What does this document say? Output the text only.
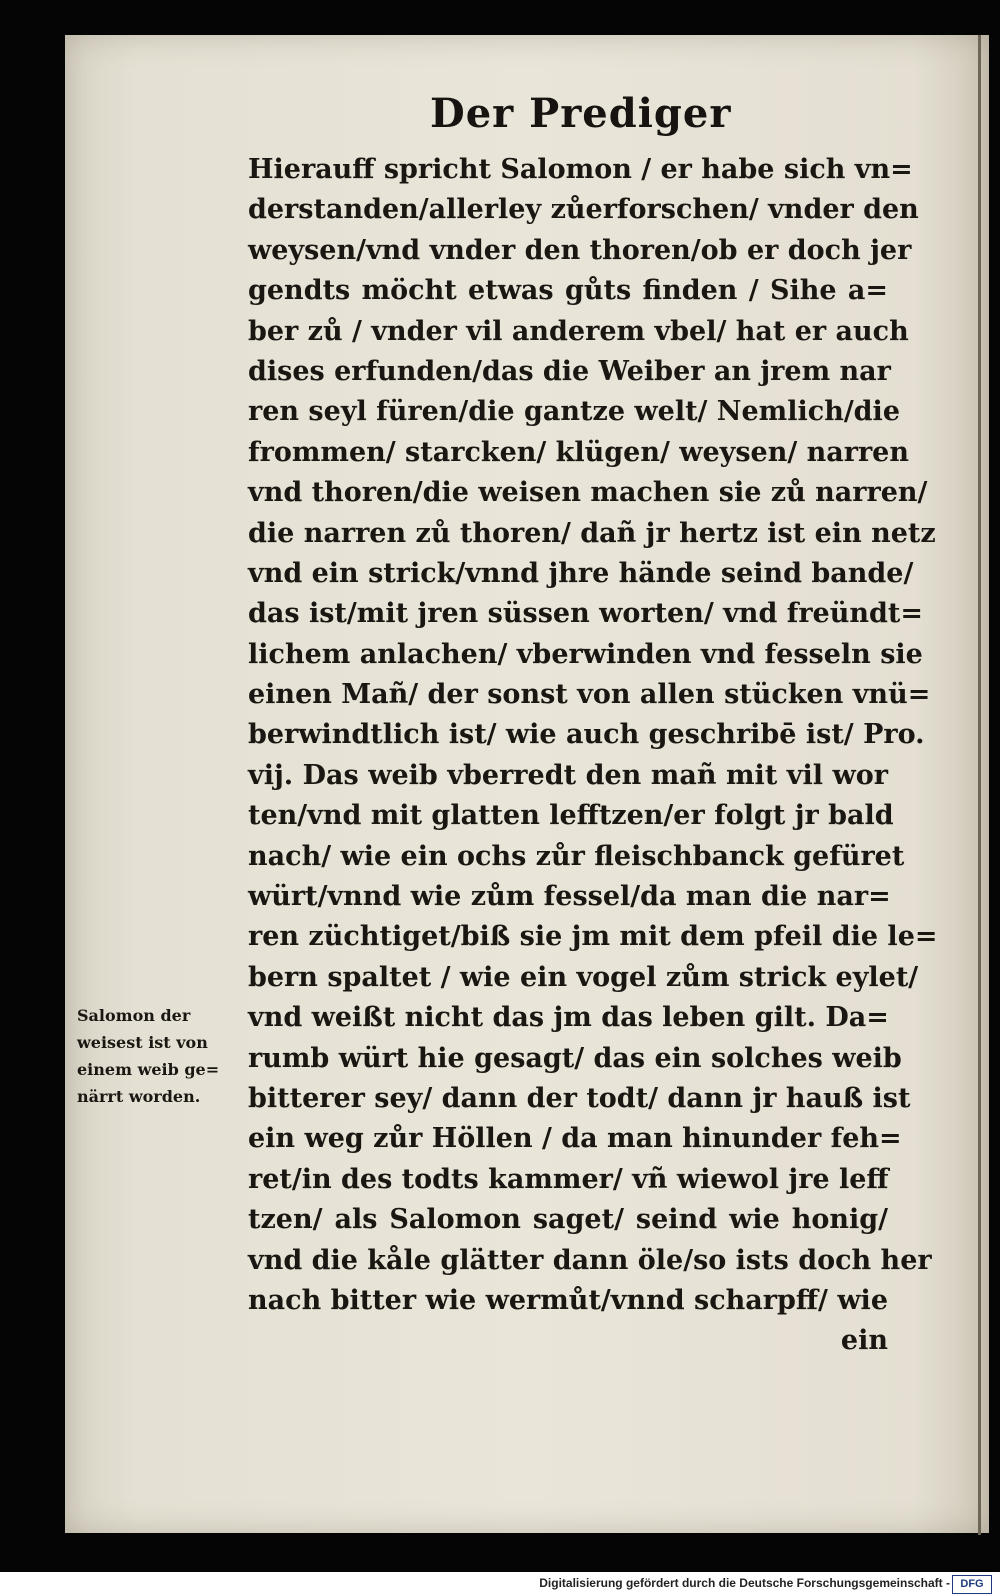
Der Prediger
Hierauff spricht Salomon / er habe sich vn=
derstanden/allerley zůerforschen/ vnder den
weysen/vnd vnder den thoren/ob er doch jer
gendts möcht etwas gůts finden / Sihe a=
ber zů / vnder vil anderem vbel/ hat er auch
dises erfunden/das die Weiber an jrem nar
ren seyl füren/die gantze welt/ Nemlich/die
frommen/ starcken/ klügen/ weysen/ narren
vnd thoren/die weisen machen sie zů narren/
die narren zů thoren/ dañ jr hertz ist ein netz
vnd ein strick/vnnd jhre hände seind bande/
das ist/mit jren süssen worten/ vnd freündt=
lichem anlachen/ vberwinden vnd fesseln sie
einen Mañ/ der sonst von allen stücken vnü=
berwindtlich ist/ wie auch geschribē ist/ Pro.
vij. Das weib vberredt den mañ mit vil wor
ten/vnd mit glatten lefftzen/er folgt jr bald
nach/ wie ein ochs zůr fleischbanck gefüret
würt/vnnd wie zům fessel/da man die nar=
ren züchtiget/biß sie jm mit dem pfeil die le=
bern spaltet / wie ein vogel zům strick eylet/
vnd weißt nicht das jm das leben gilt. Da=
rumb würt hie gesagt/ das ein solches weib
bitterer sey/ dann der todt/ dann jr hauß ist
ein weg zůr Höllen / da man hinunder feh=
ret/in des todts kammer/ vñ wiewol jre leff
tzen/ als Salomon saget/ seind wie honig/
vnd die kåle glätter dann öle/so ists doch her
nach bitter wie wermůt/vnnd scharpff/ wie
ein
Salomon der
weisest ist von
einem weib ge=
närrt worden.
Digitalisierung gefördert durch die Deutsche Forschungsgemeinschaft - DFG
